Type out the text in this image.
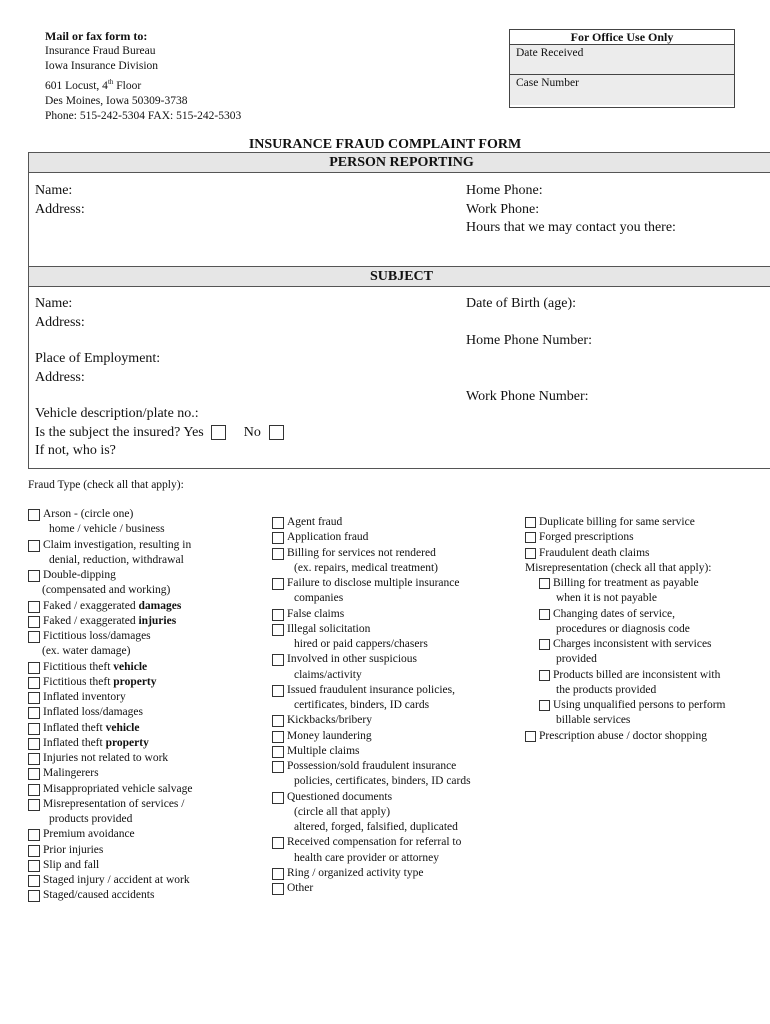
Mail or fax form to:
Insurance Fraud Bureau
Iowa Insurance Division
601 Locust, 4th Floor
Des Moines, Iowa 50309-3738
Phone: 515-242-5304 FAX: 515-242-5303
For Office Use Only
Date Received
Case Number
INSURANCE FRAUD COMPLAINT FORM
PERSON REPORTING
Name:
Address:
Home Phone:
Work Phone:
Hours that we may contact you there:
SUBJECT
Name:
Address:
Place of Employment:
Address:
Vehicle description/plate no.:
Is the subject the insured? Yes	No
If not, who is?
Date of Birth (age):
Home Phone Number:
Work Phone Number:
Fraud Type (check all that apply):
Arson - (circle one)
home / vehicle / business
Claim investigation, resulting in
denial, reduction, withdrawal
Double-dipping
(compensated and working)
Faked / exaggerated damages
Faked / exaggerated injuries
Fictitious loss/damages
(ex. water damage)
Fictitious theft vehicle
Fictitious theft property
Inflated inventory
Inflated loss/damages
Inflated theft vehicle
Inflated theft property
Injuries not related to work
Malingerers
Misappropriated vehicle salvage
Misrepresentation of services /
products provided
Premium avoidance
Prior injuries
Slip and fall
Staged injury / accident at work
Staged/caused accidents
Agent fraud
Application fraud
Billing for services not rendered
(ex. repairs, medical treatment)
Failure to disclose multiple insurance
companies
False claims
Illegal solicitation
hired or paid cappers/chasers
Involved in other suspicious
claims/activity
Issued fraudulent insurance policies,
certificates, binders, ID cards
Kickbacks/bribery
Money laundering
Multiple claims
Possession/sold fraudulent insurance
policies, certificates, binders, ID cards
Questioned documents
(circle all that apply)
altered, forged, falsified, duplicated
Received compensation for referral to
health care provider or attorney
Ring / organized activity type
Other
Duplicate billing for same service
Forged prescriptions
Fraudulent death claims
Misrepresentation (check all that apply):
Billing for treatment as payable
when it is not payable
Changing dates of service,
procedures or diagnosis code
Charges inconsistent with services
provided
Products billed are inconsistent with
the products provided
Using unqualified persons to perform
billable services
Prescription abuse / doctor shopping
